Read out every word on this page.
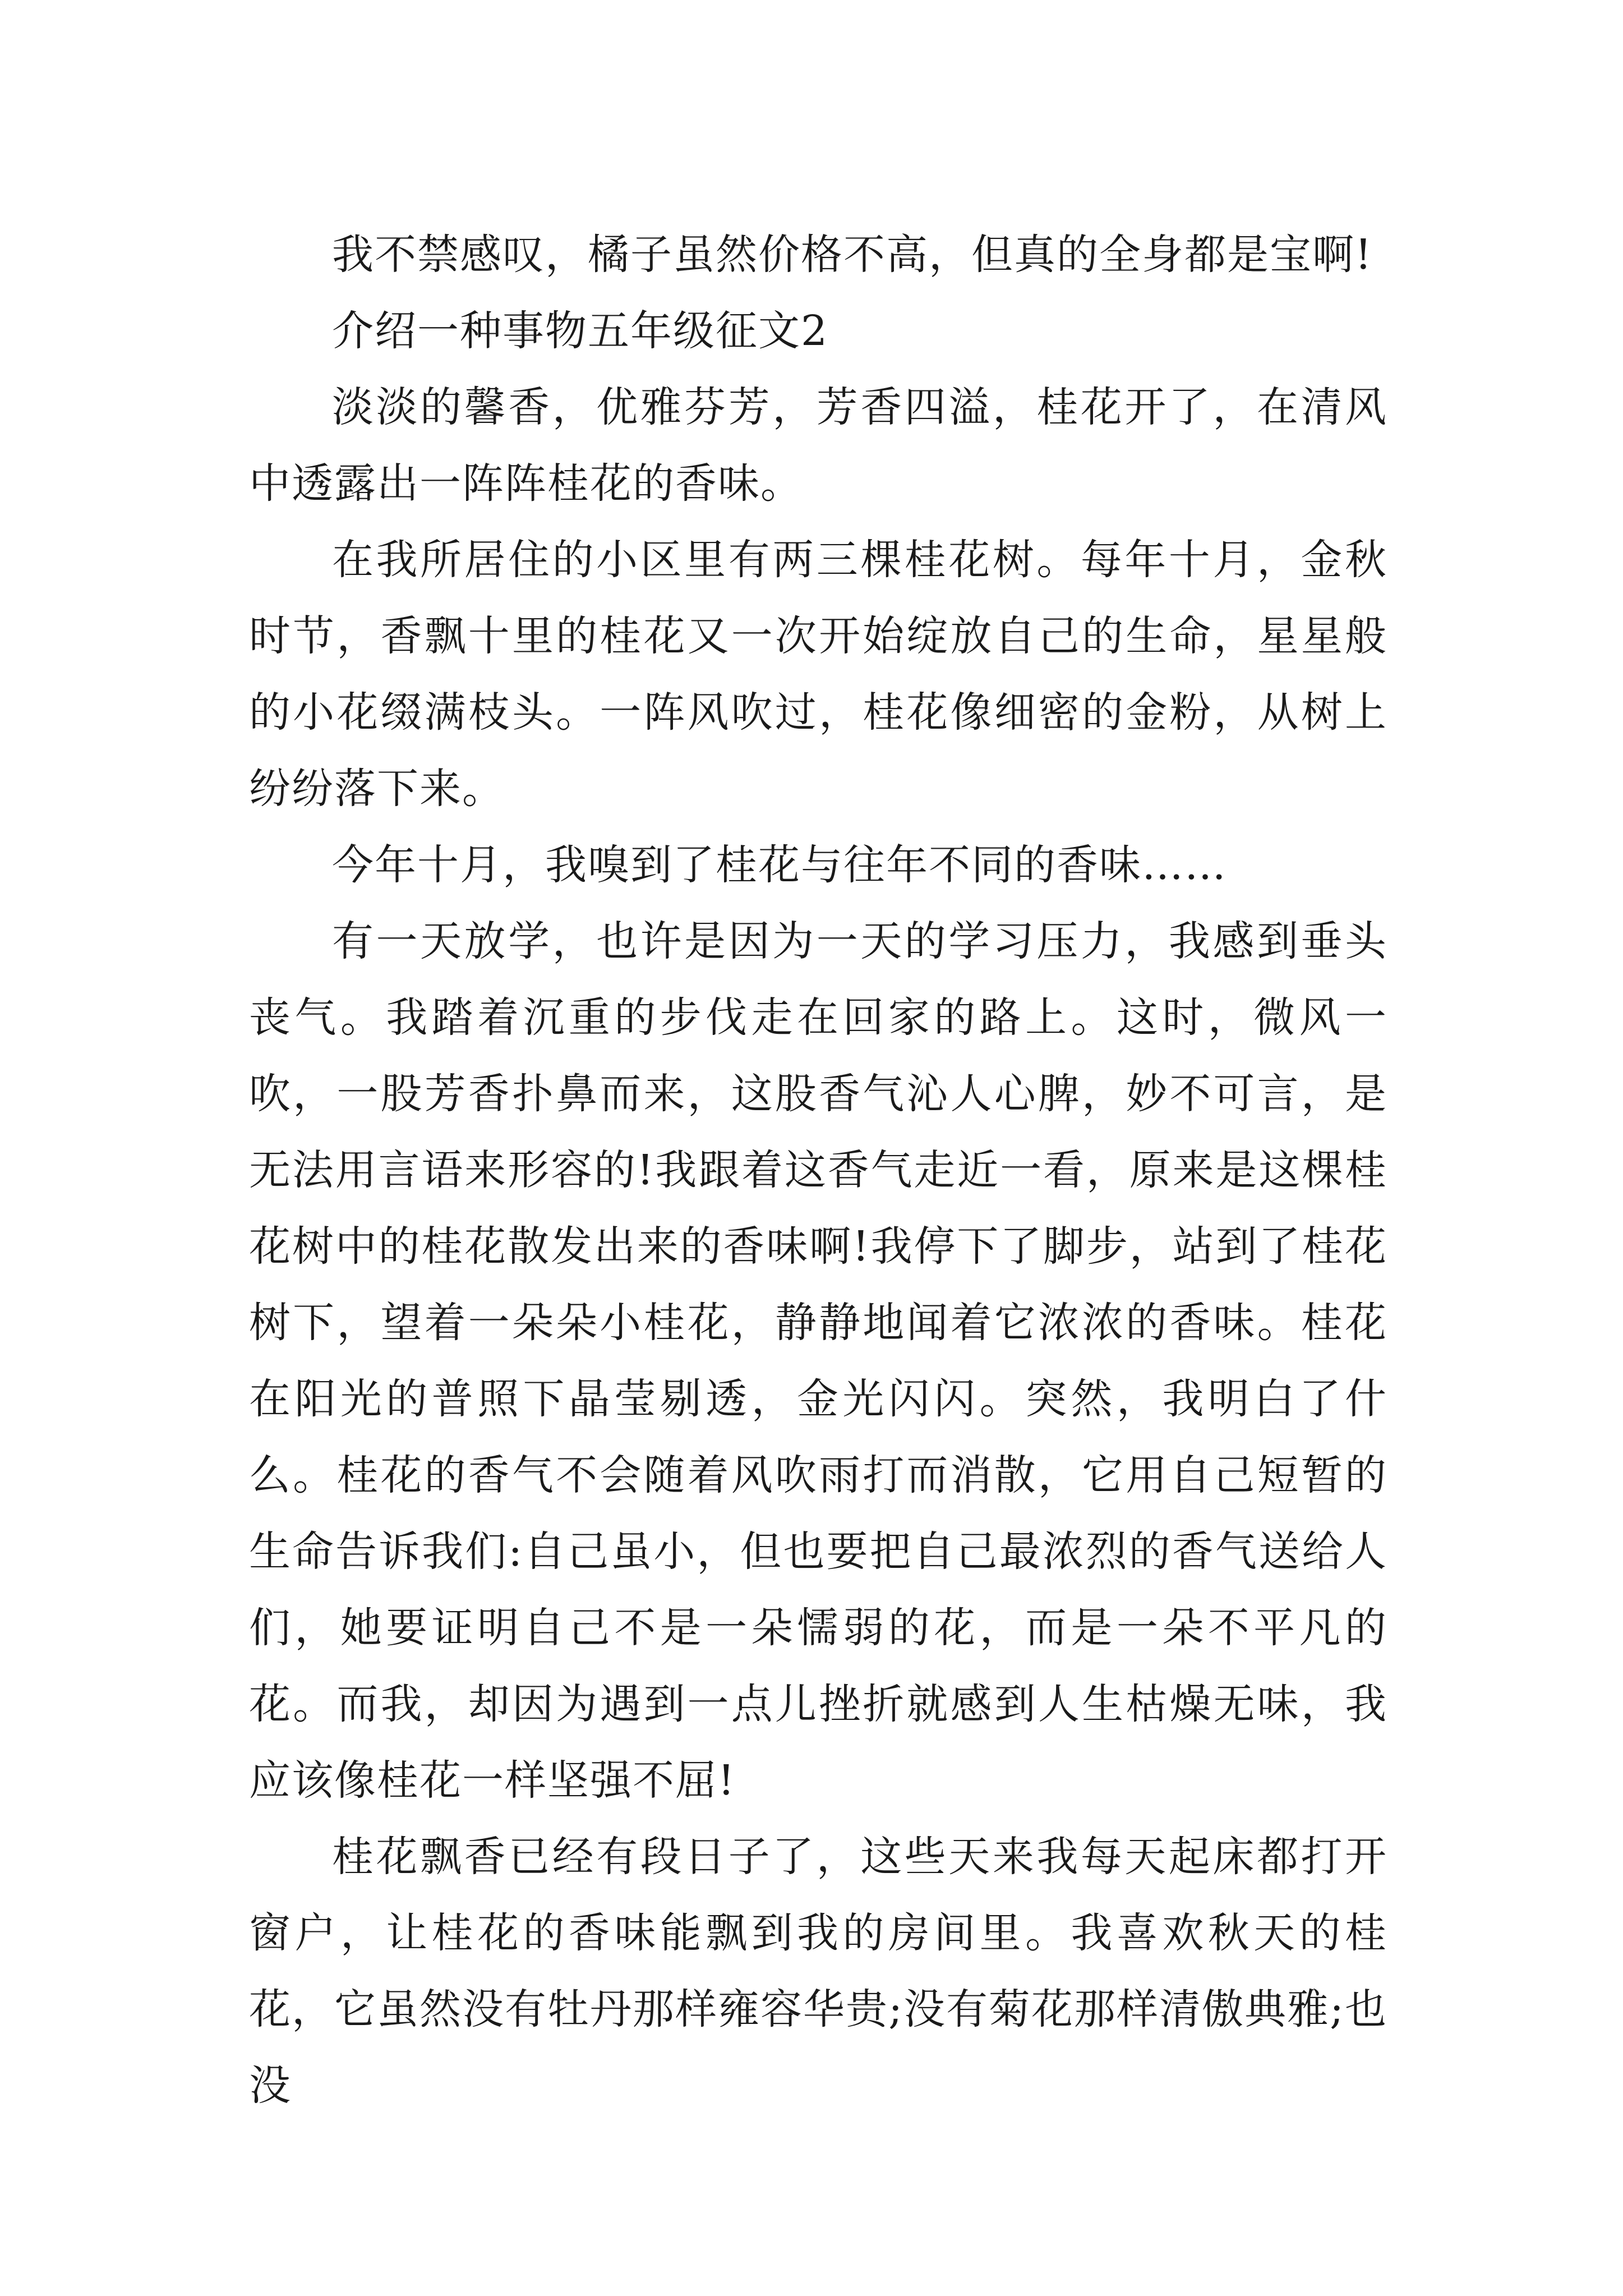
我不禁感叹，橘子虽然价格不高，但真的全身都是宝啊!

介绍一种事物五年级征文2

淡淡的馨香，优雅芬芳，芳香四溢，桂花开了，在清风中透露出一阵阵桂花的香味。

在我所居住的小区里有两三棵桂花树。每年十月，金秋时节，香飘十里的桂花又一次开始绽放自己的生命，星星般的小花缀满枝头。一阵风吹过，桂花像细密的金粉，从树上纷纷落下来。

今年十月，我嗅到了桂花与往年不同的香味……

有一天放学，也许是因为一天的学习压力，我感到垂头丧气。我踏着沉重的步伐走在回家的路上。这时，微风一吹，一股芳香扑鼻而来，这股香气沁人心脾，妙不可言，是无法用言语来形容的!我跟着这香气走近一看，原来是这棵桂花树中的桂花散发出来的香味啊!我停下了脚步，站到了桂花树下，望着一朵朵小桂花，静静地闻着它浓浓的香味。桂花在阳光的普照下晶莹剔透，金光闪闪。突然，我明白了什么。桂花的香气不会随着风吹雨打而消散，它用自己短暂的生命告诉我们:自己虽小，但也要把自己最浓烈的香气送给人们，她要证明自己不是一朵懦弱的花，而是一朵不平凡的花。而我，却因为遇到一点儿挫折就感到人生枯燥无味，我应该像桂花一样坚强不屈!

桂花飘香已经有段日子了，这些天来我每天起床都打开窗户，让桂花的香味能飘到我的房间里。我喜欢秋天的桂花，它虽然没有牡丹那样雍容华贵;没有菊花那样清傲典雅;也没
